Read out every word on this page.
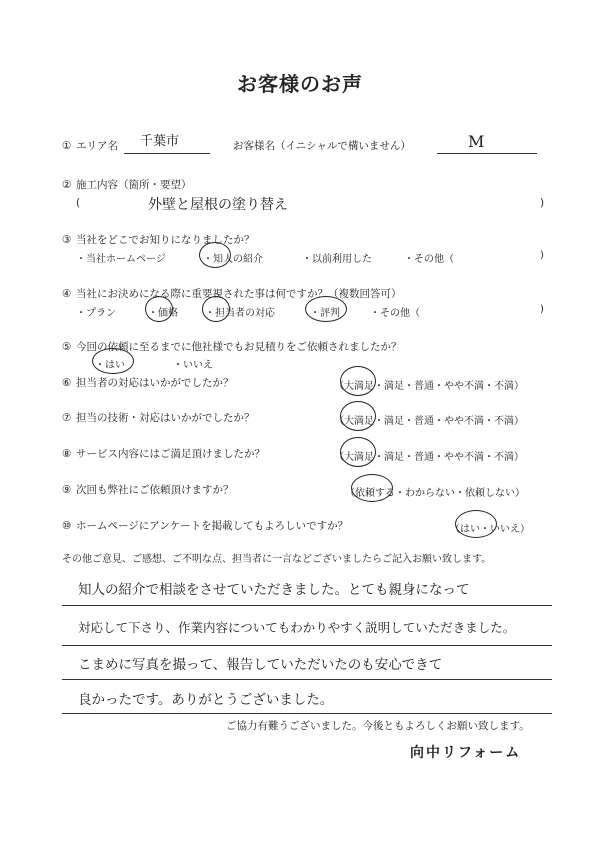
お客様のお声
① エリア名 千葉市	お客様名（イニシャルで構いません）	M
② 施工内容（箇所・要望）
(	外壁と屋根の塗り替え	)
③ 当社をどこでお知りになりましたか？
・当社ホームページ	・知人の紹介	・以前利用した	・その他（	)
④ 当社にお決めになる際に重要視された事は何ですか？（複数回答可）
・プラン	・価格	・担当者の対応	・評判	・その他（	)
⑤ 今回の依頼に至るまでに他社様でもお見積りをご依頼されましたか？
・はい	・いいえ
⑥ 担当者の対応はいかがでしたか？	（大満足・満足・普通・やや不満・不満）
⑦ 担当の技術・対応はいかがでしたか？	（大満足・満足・普通・やや不満・不満）
⑧ サービス内容にはご満足頂けましたか？	（大満足・満足・普通・やや不満・不満）
⑨ 次回も弊社にご依頼頂けますか？	（依頼する・わからない・依頼しない）
⑩ ホームページにアンケートを掲載してもよろしいですか？	（はい・いいえ）
その他ご意見、ご感想、ご不明な点、担当者に一言などございましたらご記入お願い致します。
知人の紹介で相談をさせていただきました。とても親身になって
対応して下さり、作業内容についてもわかりやすく説明していただきました。
こまめに写真を撮って、報告していただいたのも安心できて
良かったです。ありがとうございました。
ご協力有難うございました。今後ともよろしくお願い致します。
向中リフォーム
